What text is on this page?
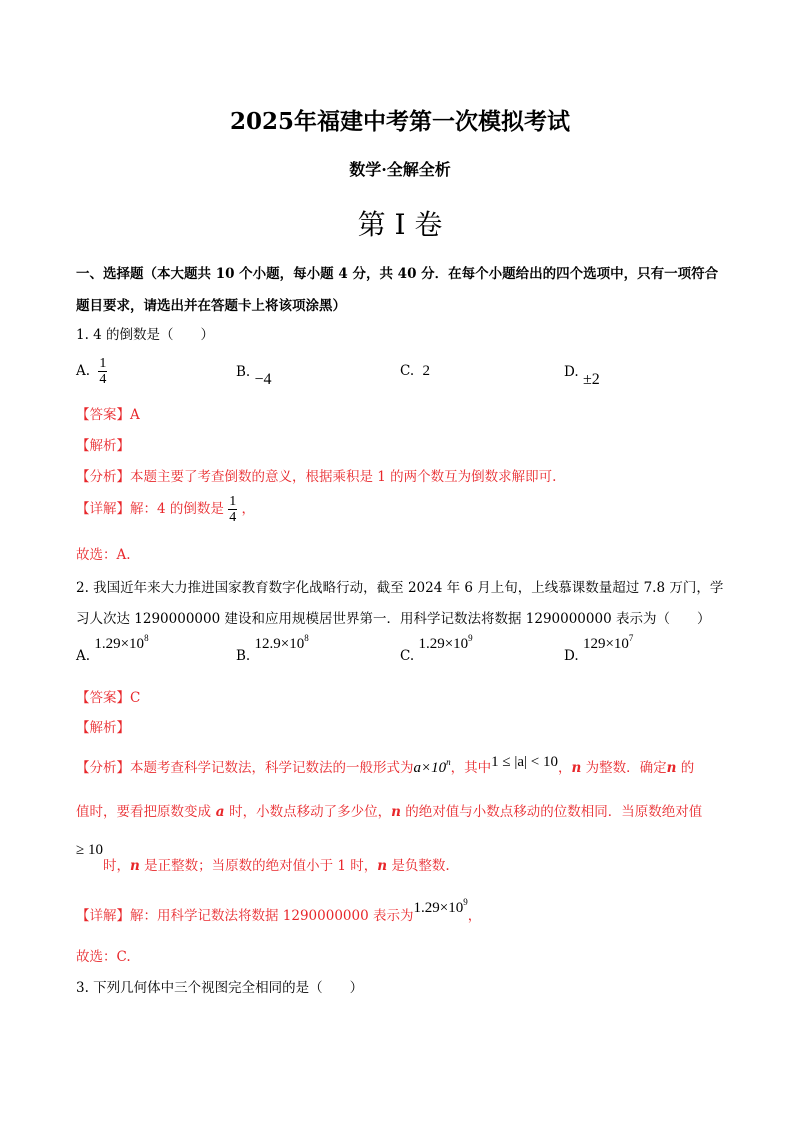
2025年福建中考第一次模拟考试
数学·全解全析
第 I 卷
一、选择题（本大题共 10 个小题，每小题 4 分，共 40 分．在每个小题给出的四个选项中，只有一项符合
题目要求，请选出并在答题卡上将该项涂黑）
1. 4 的倒数是（　　）
A. $\frac{1}{4}$	B. −4	C. 2	D. ±2
【答案】A
【解析】
【分析】本题主要了考查倒数的意义，根据乘积是 1 的两个数互为倒数求解即可.
【详解】解：4 的倒数是 $\frac{1}{4}$ ，
故选：A.
2. 我国近年来大力推进国家教育数字化战略行动，截至 2024 年 6 月上旬，上线慕课数量超过 7.8 万门，学
习人次达 1290000000 建设和应用规模居世界第一．用科学记数法将数据 1290000000 表示为（　　）
A. $1.29\times 10^8$
B. $12.9\times 10^8$
C. $1.29\times 10^9$
D. $129\times 10^7$
【答案】C
【解析】
【分析】本题考查科学记数法，科学记数法的一般形式为$a\times 10^n$，其中1 ≤ |a| < 10，n 为整数．确定n 的
值时，要看把原数变成 a 时，小数点移动了多少位，n 的绝对值与小数点移动的位数相同．当原数绝对值
≥ 10
时，n 是正整数；当原数的绝对值小于 1 时，n 是负整数.
【详解】解：用科学记数法将数据 1290000000 表示为$1.29\times 10^9$，
故选：C.
3. 下列几何体中三个视图完全相同的是（　　）
